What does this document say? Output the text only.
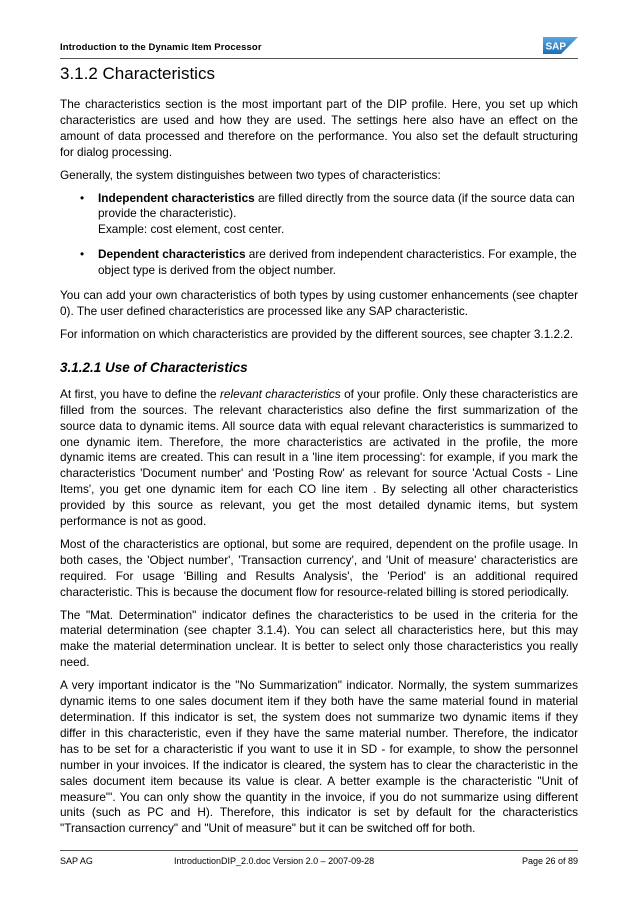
Introduction to the Dynamic Item Processor	SAP
3.1.2 Characteristics

The characteristics section is the most important part of the DIP profile. Here, you set up which characteristics are used and how they are used. The settings here also have an effect on the amount of data processed and therefore on the performance. You also set the default structuring for dialog processing.

Generally, the system distinguishes between two types of characteristics:

• Independent characteristics are filled directly from the source data (if the source data can provide the characteristic).
Example: cost element, cost center.
• Dependent characteristics are derived from independent characteristics. For example, the object type is derived from the object number.

You can add your own characteristics of both types by using customer enhancements (see chapter 0). The user defined characteristics are processed like any SAP characteristic.

For information on which characteristics are provided by the different sources, see chapter 3.1.2.2.

3.1.2.1 Use of Characteristics

At first, you have to define the relevant characteristics of your profile. Only these characteristics are filled from the sources. The relevant characteristics also define the first summarization of the source data to dynamic items. All source data with equal relevant characteristics is summarized to one dynamic item. Therefore, the more characteristics are activated in the profile, the more dynamic items are created. This can result in a 'line item processing': for example, if you mark the characteristics 'Document number' and 'Posting Row' as relevant for source 'Actual Costs - Line Items', you get one dynamic item for each CO line item . By selecting all other characteristics provided by this source as relevant, you get the most detailed dynamic items, but system performance is not as good.

Most of the characteristics are optional, but some are required, dependent on the profile usage. In both cases, the 'Object number', 'Transaction currency', and 'Unit of measure' characteristics are required. For usage 'Billing and Results Analysis', the 'Period' is an additional required characteristic. This is because the document flow for resource-related billing is stored periodically.

The "Mat. Determination" indicator defines the characteristics to be used in the criteria for the material determination (see chapter 3.1.4). You can select all characteristics here, but this may make the material determination unclear. It is better to select only those characteristics you really need.

A very important indicator is the "No Summarization" indicator. Normally, the system summarizes dynamic items to one sales document item if they both have the same material found in material determination. If this indicator is set, the system does not summarize two dynamic items if they differ in this characteristic, even if they have the same material number. Therefore, the indicator has to be set for a characteristic if you want to use it in SD - for example, to show the personnel number in your invoices. If the indicator is cleared, the system has to clear the characteristic in the sales document item because its value is clear. A better example is the characteristic "Unit of measure"'. You can only show the quantity in the invoice, if you do not summarize using different units (such as PC and H). Therefore, this indicator is set by default for the characteristics "Transaction currency" and "Unit of measure" but it can be switched off for both.

SAP AG	IntroductionDIP_2.0.doc Version 2.0 – 2007-09-28	Page 26 of 89
